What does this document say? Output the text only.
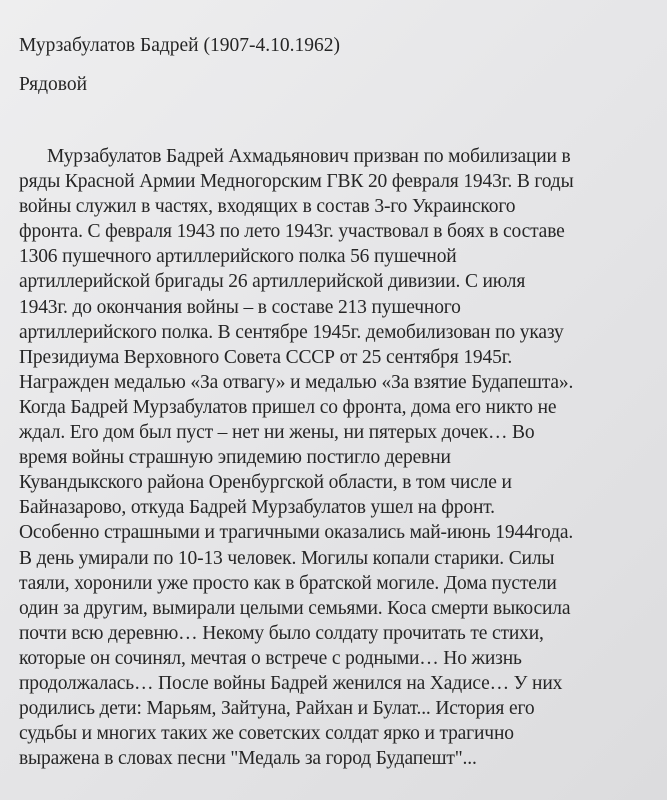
Мурзабулатов Бадрей (1907-4.10.1962)

Рядовой

Мурзабулатов Бадрей Ахмадьянович призван по мобилизации в
ряды Красной Армии Медногорским ГВК 20 февраля 1943г. В годы
войны служил в частях, входящих в состав 3-го Украинского
фронта. С февраля 1943 по лето 1943г. участвовал в боях в составе
1306 пушечного артиллерийского полка 56 пушечной
артиллерийской бригады 26 артиллерийской дивизии. С июля
1943г. до окончания войны – в составе 213 пушечного
артиллерийского полка. В сентябре 1945г. демобилизован по указу
Президиума Верховного Совета СССР от 25 сентября 1945г.
Награжден медалью «За отвагу» и медалью «За взятие Будапешта».
Когда Бадрей Мурзабулатов пришел со фронта, дома его никто не
ждал. Его дом был пуст – нет ни жены, ни пятерых дочек… Во
время войны страшную эпидемию постигло деревни
Кувандыкского района Оренбургской области, в том числе и
Байназарово, откуда Бадрей Мурзабулатов ушел на фронт.
Особенно страшными и трагичными оказались май-июнь 1944года.
В день умирали по 10-13 человек. Могилы копали старики. Силы
таяли, хоронили уже просто как в братской могиле. Дома пустели
один за другим, вымирали целыми семьями. Коса смерти выкосила
почти всю деревню… Некому было солдату прочитать те стихи,
которые он сочинял, мечтая о встрече с родными… Но жизнь
продолжалась… После войны Бадрей женился на Хадисе… У них
родились дети: Марьям, Зайтуна, Райхан и Булат... История его
судьбы и многих таких же советских солдат ярко и трагично
выражена в словах песни "Медаль за город Будапешт"...
